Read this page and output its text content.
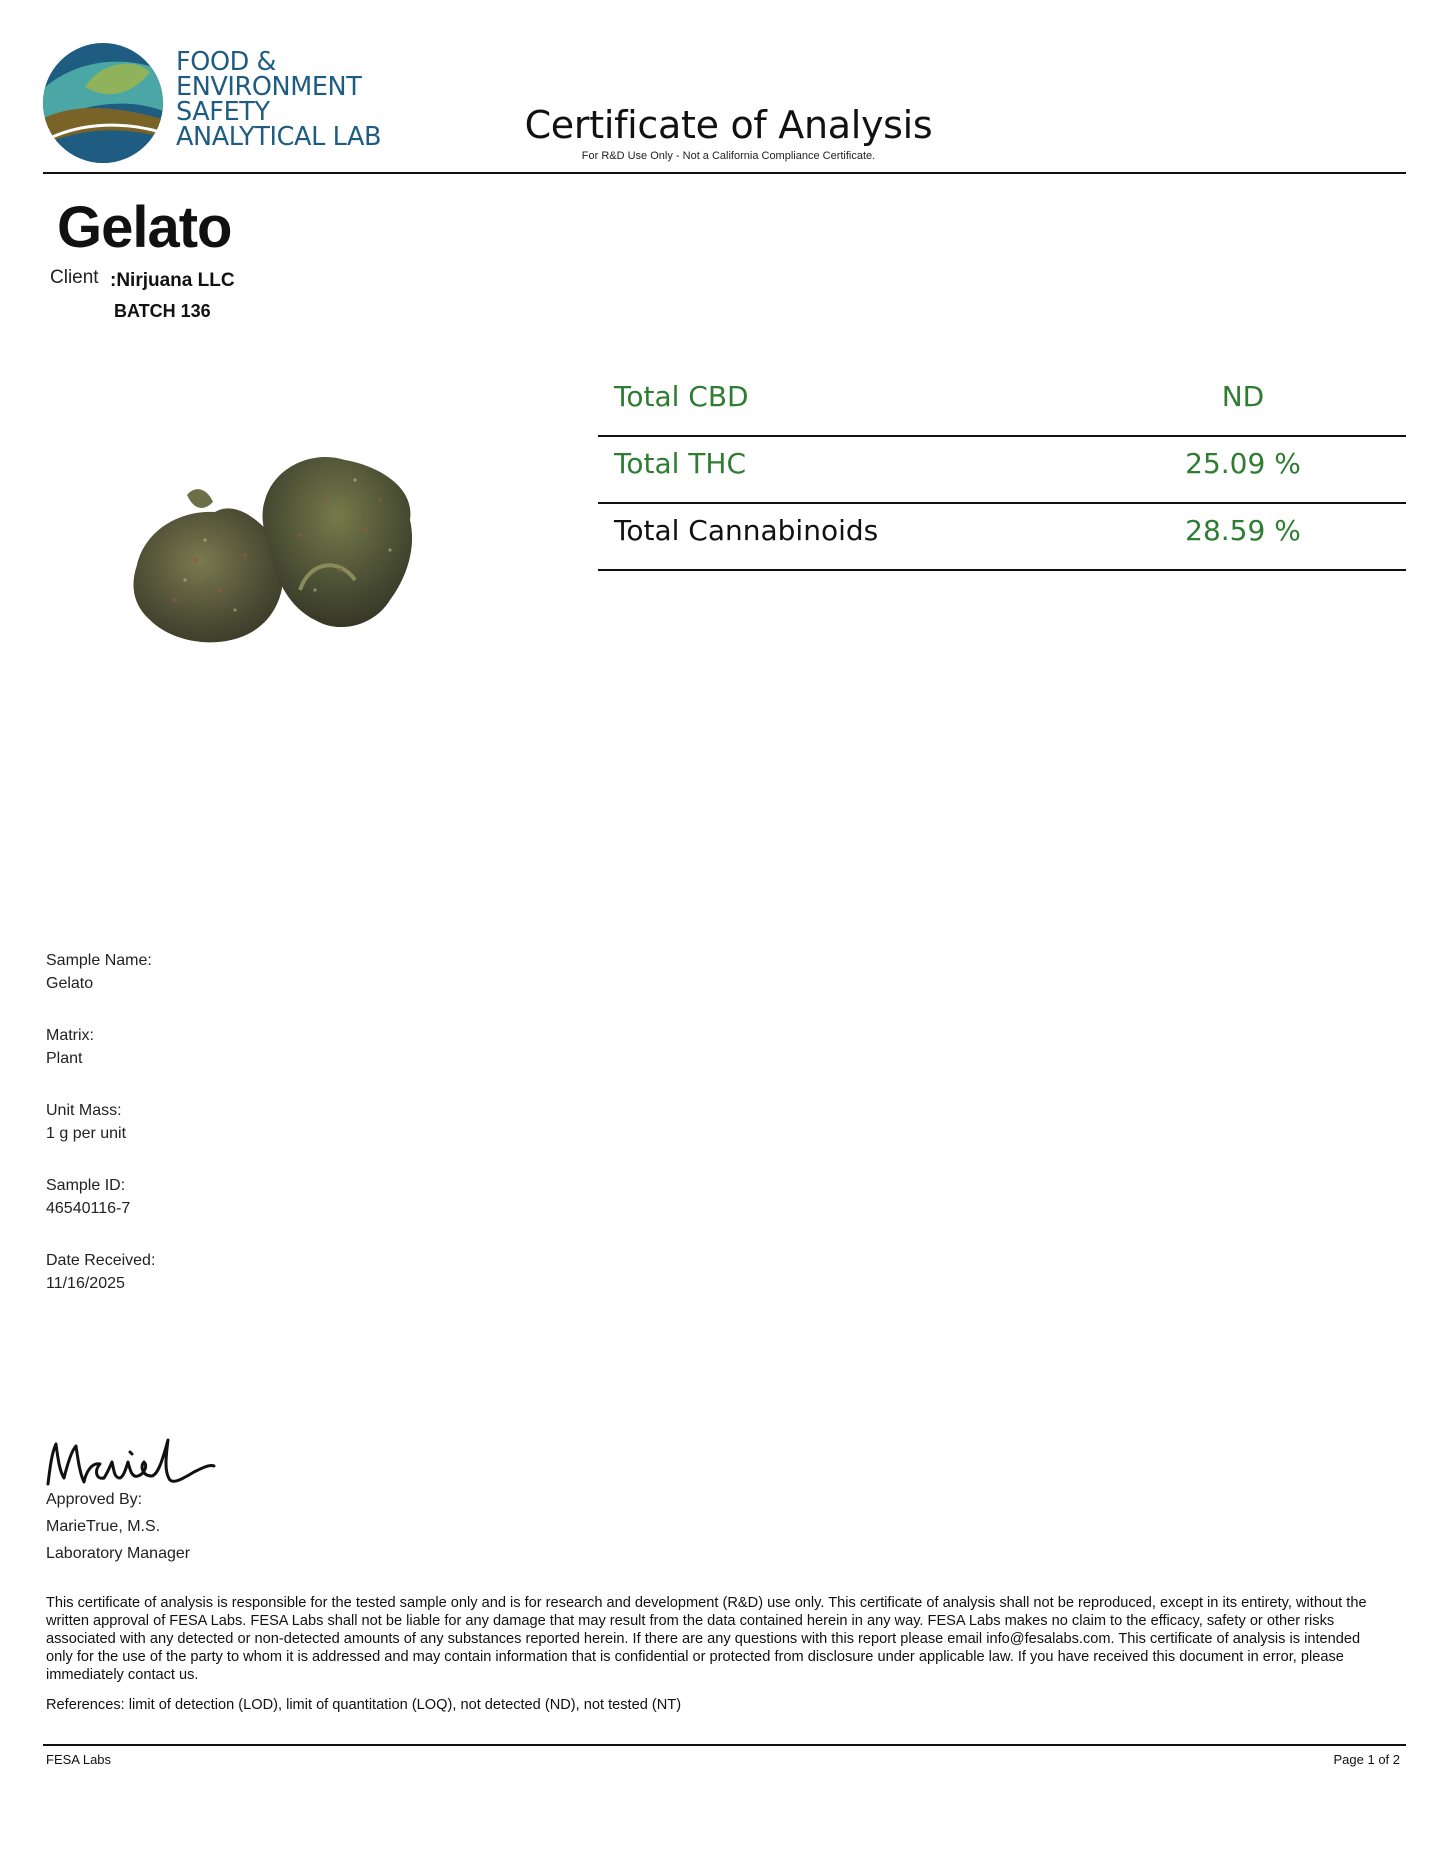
FOOD &
ENVIRONMENT
SAFETY
ANALYTICAL LAB	Certificate of Analysis
For R&D Use Only - Not a California Compliance Certificate.
Gelato
Client :Nirjuana LLC
BATCH 136
Total CBD	ND
Total THC	25.09 %
Total Cannabinoids	28.59 %
Sample Name:
Gelato
Matrix:
Plant
Unit Mass:
1 g per unit
Sample ID:
46540116-7
Date Received:
11/16/2025
Approved By:
MarieTrue, M.S.
Laboratory Manager
This certificate of analysis is responsible for the tested sample only and is for research and development (R&D) use only. This certificate of analysis shall not be reproduced, except in its entirety, without the written approval of FESA Labs. FESA Labs shall not be liable for any damage that may result from the data contained herein in any way. FESA Labs makes no claim to the efficacy, safety or other risks associated with any detected or non-detected amounts of any substances reported herein. If there are any questions with this report please email info@fesalabs.com. This certificate of analysis is intended only for the use of the party to whom it is addressed and may contain information that is confidential or protected from disclosure under applicable law. If you have received this document in error, please immediately contact us.
References: limit of detection (LOD), limit of quantitation (LOQ), not detected (ND), not tested (NT)
FESA Labs	Page 1 of 2
